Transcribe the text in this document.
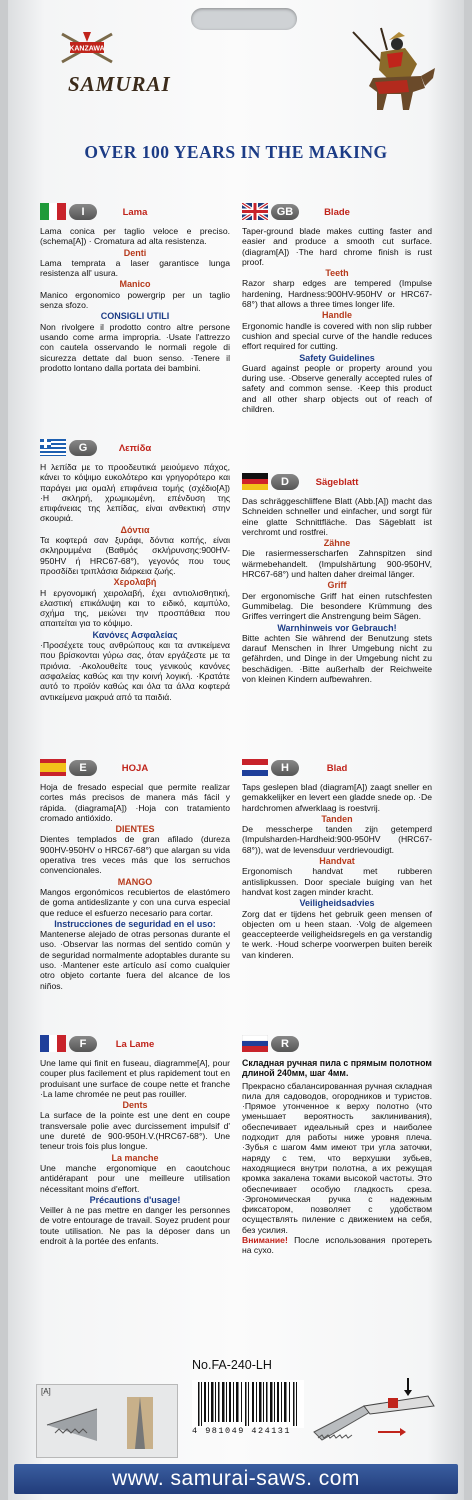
KANZAWA
SAMURAI
OVER 100 YEARS IN THE MAKING
I	Lama

Lama conica per taglio veloce e preciso. (schema[A]) · Cromatura ad alta resistenza.

Denti

Lama temprata a laser garantisce lunga resistenza all' usura.

Manico

Manico ergonomico powergrip per un taglio senza sfozo.

CONSIGLI UTILI

Non rivolgere il prodotto contro altre persone usando come arma impropria. ·Usate l'attrezzo con cautela osservando le normali regole di sicurezza dettate dal buon senso. ·Tenere il prodotto lontano dalla portata dei bambini.

G	Λεπίδα

Η λεπίδα με το προοδευτικά μειούμενο πάχος, κάνει το κόψιμο ευκολότερο και γρηγορότερο και παράγει μια ομαλή επιφάνεια τομής (σχέδιο[A]) ·Η σκληρή, χρωμιωμένη, επένδυση της επιφάνειας της λεπίδας, είναι ανθεκτική στην σκουριά.

Δόντια

Τα κοφτερά σαν ξυράφι, δόντια κοπής, είναι σκληρυμμένα (Βαθμός σκλήρυνσης:900HV-950HV ή HRC67-68°), γεγονός που τους προσδίδει τριπλάσια διάρκεια ζωής.

Χερολαβή

Η εργονομική χειρολαβή, έχει αντιολισθητική, ελαστική επικάλυψη και το ειδικό, καμπύλο, σχήμα της, μειώνει την προσπάθεια που απαιτείται για το κόψιμο.

Κανόνες Ασφαλείας

·Προσέχετε τους ανθρώπους και τα αντικείμενα που βρίσκονται γύρω σας, όταν εργάζεστε με τα πριόνια. ·Ακολουθείτε τους γενικούς κανόνες ασφαλείας καθώς και την κοινή λογική. ·Κρατάτε αυτό το προϊόν καθώς και όλα τα άλλα κοφτερά αντικείμενα μακρυά από τα παιδιά.

E	HOJA

Hoja de fresado especial que permite realizar cortes más precisos de manera más fácil y rápida. (diagrama[A]) ·Hoja con tratamiento cromado antióxido.

DIENTES

Dientes templados de gran afilado (dureza 900HV-950HV o HRC67-68°) que alargan su vida operativa tres veces más que los serruchos convencionales.

MANGO

Mangos ergonómicos recubiertos de elastómero de goma antideslizante y con una curva especial que reduce el esfuerzo necesario para cortar.

Instrucciones de seguridad en el uso:

Mantenerse alejado de otras personas durante el uso. ·Observar las normas del sentido común y de seguridad normalmente adoptables durante su uso. ·Mantener este artículo así como cualquier otro objeto cortante fuera del alcance de los niños.

F	La Lame

Une lame qui finit en fuseau, diagramme[A], pour couper plus facilement et plus rapidement tout en produisant une surface de coupe nette et franche ·La lame chromée ne peut pas rouiller.

Dents

La surface de la pointe est une dent en coupe transversale polie avec durcissement impulsif d' une dureté de 900-950H.V.(HRC67-68°). Une teneur trois fois plus longue.

La manche

Une manche ergonomique en caoutchouc antidérapant pour une meilleure utilisation nécessitant moins d'effort.

Précautions d'usage!

Veiller à ne pas mettre en danger les personnes de votre entourage de travail. Soyez prudent pour toute utilisation. Ne pas la déposer dans un endroit à la portée des enfants.

GB	Blade

Taper-ground blade makes cutting faster and easier and produce a smooth cut surface. (diagram[A]) ·The hard chrome finish is rust proof.

Teeth

Razor sharp edges are tempered (Impulse hardening, Hardness:900HV-950HV or HRC67-68°) that allows a three times longer life.

Handle

Ergonomic handle is covered with non slip rubber cushion and special curve of the handle reduces effort required for cutting.

Safety Guidelines

Guard against people or property around you during use. ·Observe generally accepted rules of safety and common sense. ·Keep this product and all other sharp objects out of reach of children.

D	Sägeblatt

Das schräggeschliffene Blatt (Abb.[A]) macht das Schneiden schneller und einfacher, und sorgt für eine glatte Schnittfläche. Das Sägeblatt ist verchromt und rostfrei.

Zähne

Die rasiermesserscharfen Zahnspitzen sind wärmebehandelt. (Impulshärtung 900-950HV, HRC67-68°) und halten daher dreimal länger.

Griff

Der ergonomische Griff hat einen rutschfesten Gummibelag. Die besondere Krümmung des Griffes verringert die Anstrengung beim Sägen.

Warnhinweis vor Gebrauch!

Bitte achten Sie während der Benutzung stets darauf Menschen in Ihrer Umgebung nicht zu gefährden, und Dinge in der Umgebung nicht zu beschädigen. ·Bitte außerhalb der Reichweite von kleinen Kindern aufbewahren.

H	Blad

Taps geslepen blad (diagram[A]) zaagt sneller en gemakkelijker en levert een gladde snede op. ·De hardchromen afwerklaag is roestvrij.

Tanden

De messcherpe tanden zijn getemperd (Impulsharden-Hardheid:900-950HV (HRC67-68°)), wat de levensduur verdrievoudigt.

Handvat

Ergonomisch handvat met rubberen antislipkussen. Door speciale buiging van het handvat kost zagen minder kracht.

Veiligheidsadvies

Zorg dat er tijdens het gebruik geen mensen of objecten om u heen staan. ·Volg de algemeen geaccepteerde veiligheidsregels en ga verstandig te werk. ·Houd scherpe voorwerpen buiten bereik van kinderen.

R
Складная ручная пила с прямым полотном длиной 240мм, шаг 4мм.

Прекрасно сбалансированная ручная складная пила для садоводов, огородников и туристов. ·Прямое утонченное к верху полотно (что уменьшает вероятность заклинивания), обеспечивает идеальный срез и наиболее подходит для работы ниже уровня плеча. ·Зубья с шагом 4мм имеют три угла заточки, наряду с тем, что верхушки зубьев, находящиеся внутри полотна, а их режущая кромка закалена токами высокой частоты. Это обеспечивает особую гладкость среза. ·Эргономическая ручка с надежным фиксатором, позволяет с удобством осуществлять пиление с движением на себя, без усилия.

Внимание! После использования протереть на сухо.

No.FA-240-LH
[A]
4 981049 424131
www. samurai-saws. com
